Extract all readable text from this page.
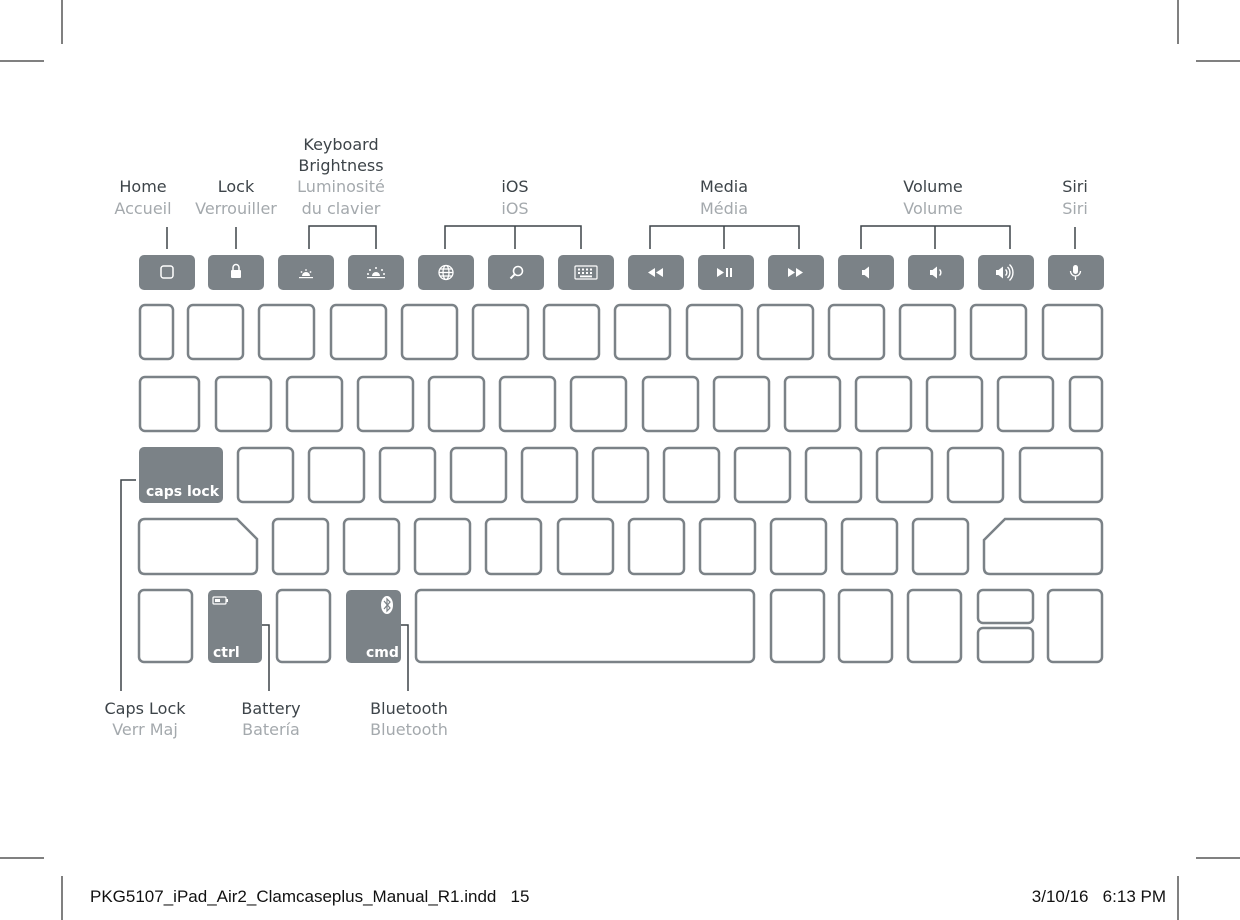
Home
Accueil
Lock
Verrouiller
Keyboard
Brightness
Luminosité
du clavier
iOS
iOS
Media
Média
Volume
Volume
Siri
Siri
caps lock
ctrl	cmd
Caps Lock
Verr Maj
Battery
Batería
Bluetooth
Bluetooth
PKG5107_iPad_Air2_Clamcaseplus_Manual_R1.indd   15	3/10/16   6:13 PM
